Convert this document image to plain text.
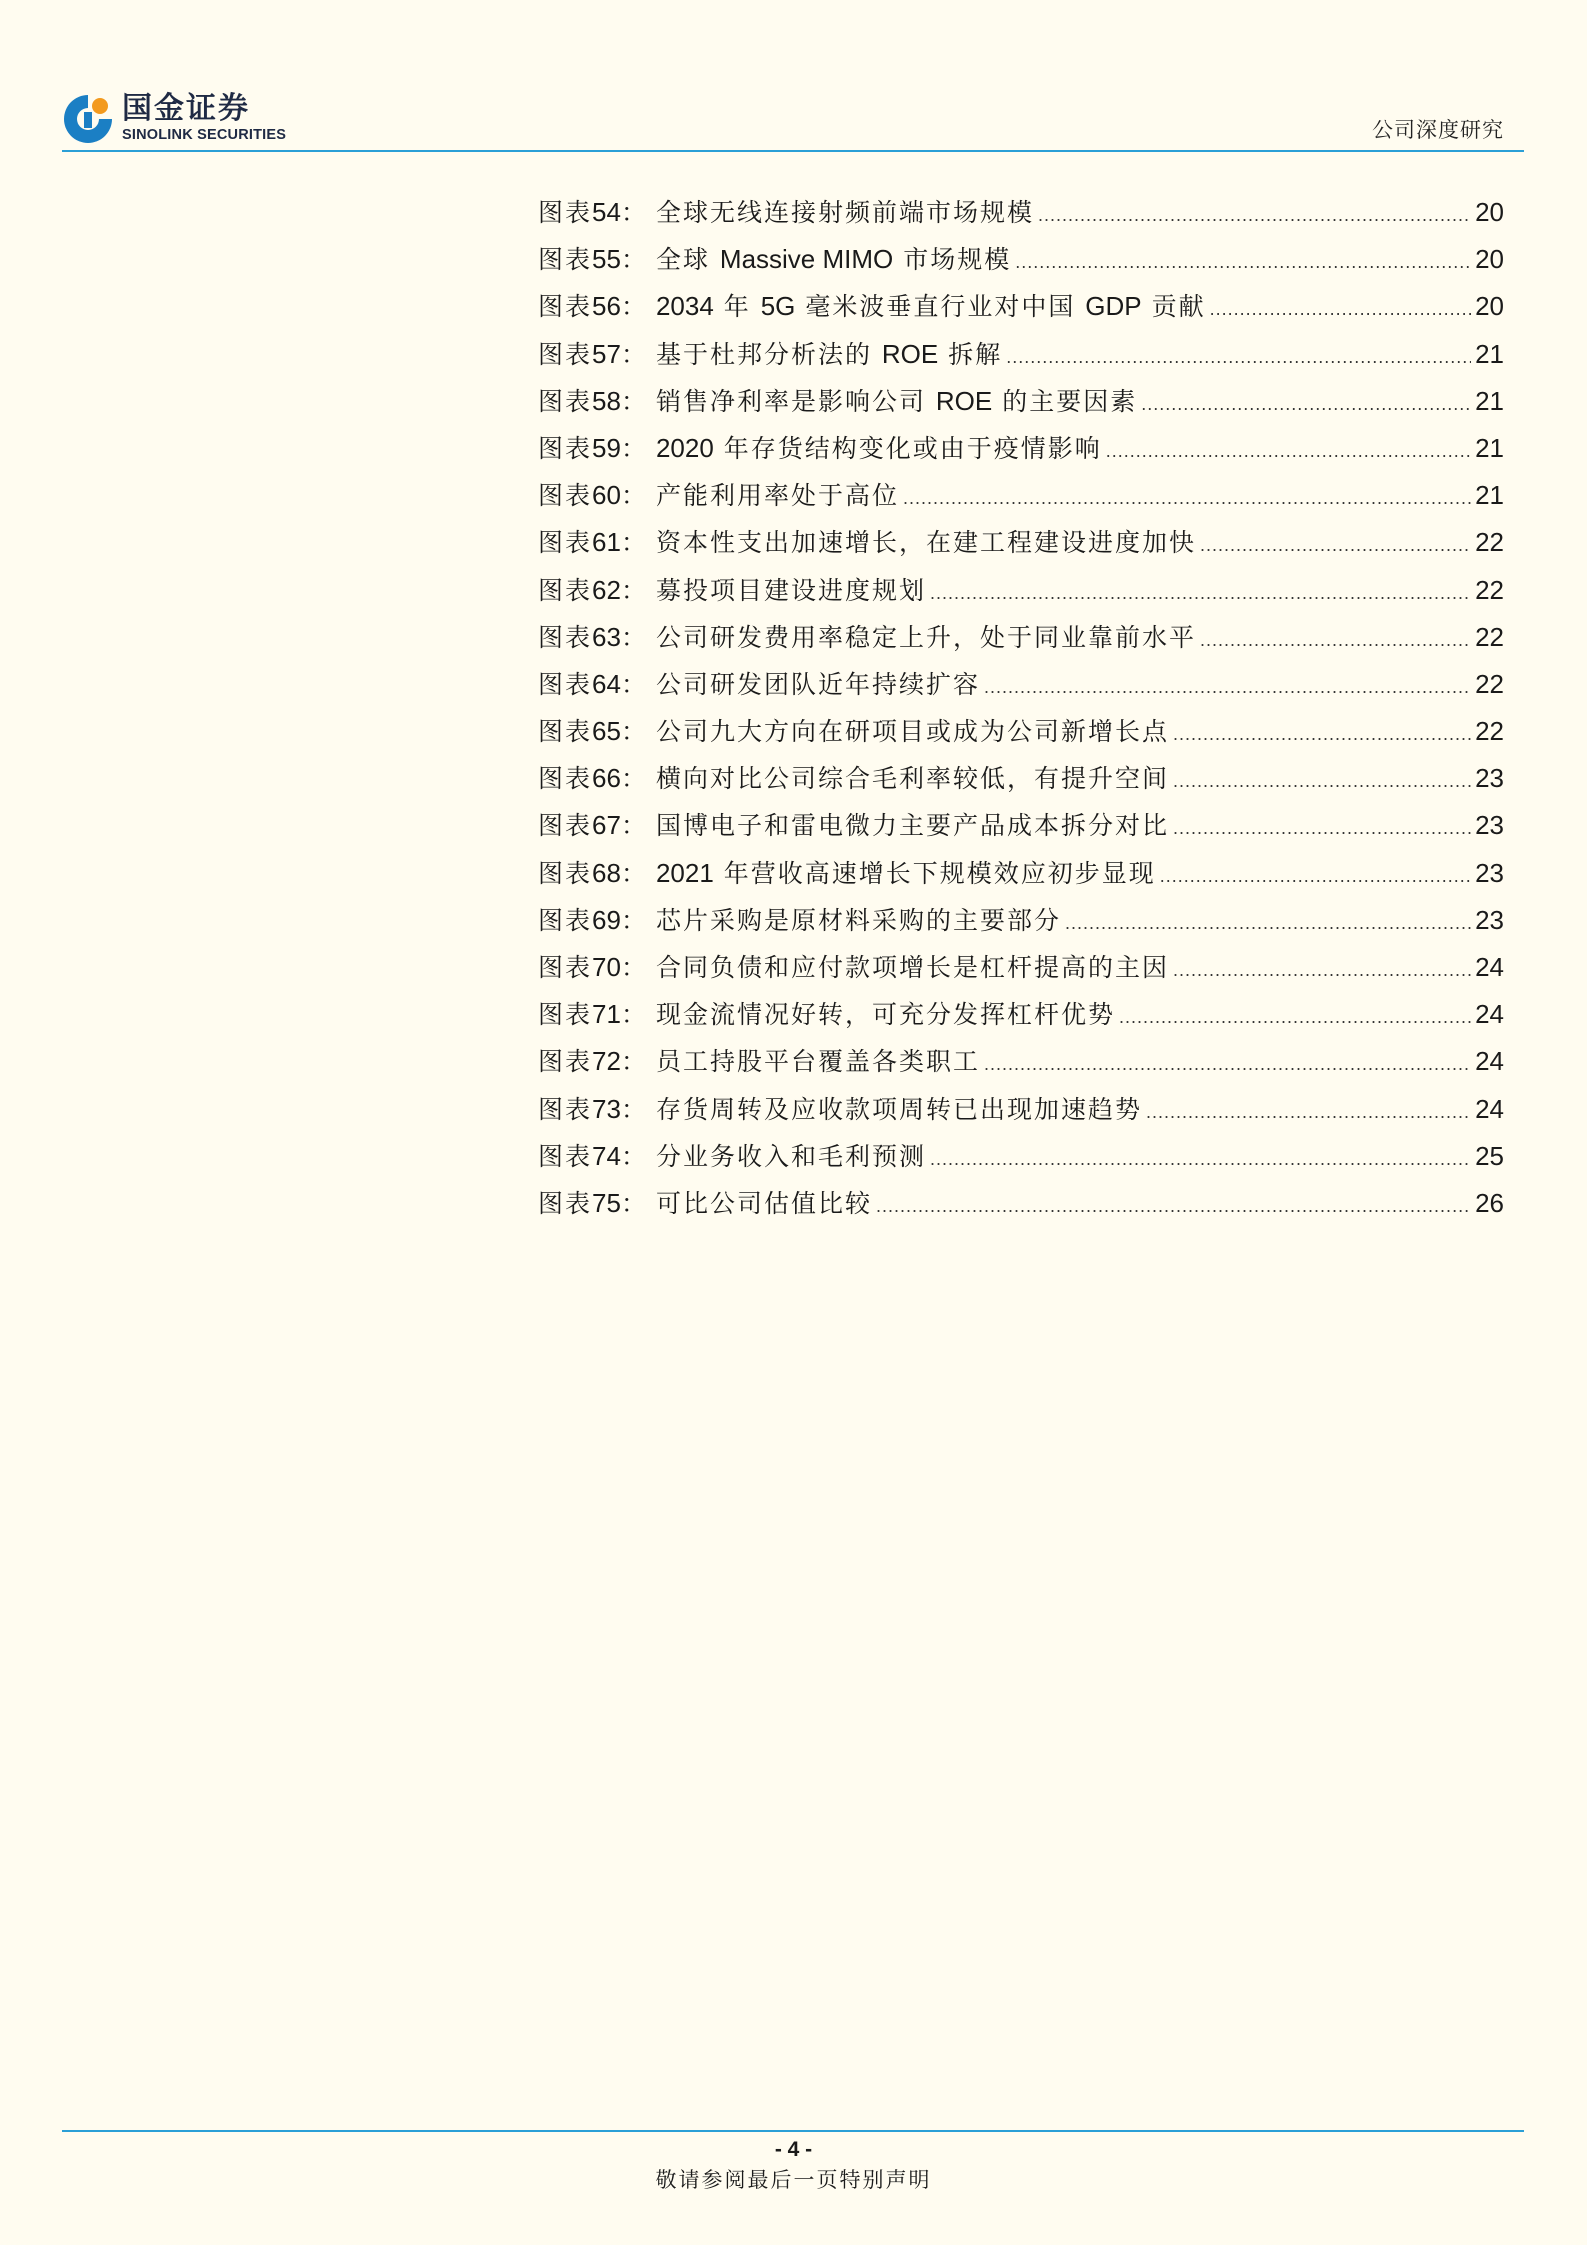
国金证券
SINOLINK SECURITIES	公司深度研究
图表 54 ： 全球无线连接射频前端市场规模 .....	20
图表 55 ： 全球 Massive MIMO 市场规模 .....	20
图表 56 ： 2034 年 5G 毫米波垂直行业对中国 GDP 贡献 .....	20
图表 57 ： 基于杜邦分析法的 ROE 拆解 .....	21
图表 58 ： 销售净利率是影响公司 ROE 的主要因素 .....	21
图表 59 ： 2020 年存货结构变化或由于疫情影响 .....	21
图表 60 ： 产能利用率处于高位 .....	21
图表 61 ： 资本性支出加速增长，在建工程建设进度加快 .....	22
图表 62 ： 募投项目建设进度规划 .....	22
图表 63 ： 公司研发费用率稳定上升，处于同业靠前水平 .....	22
图表 64 ： 公司研发团队近年持续扩容 .....	22
图表 65 ： 公司九大方向在研项目或成为公司新增长点 .....	22
图表 66 ： 横向对比公司综合毛利率较低，有提升空间 .....	23
图表 67 ： 国博电子和雷电微力主要产品成本拆分对比 .....	23
图表 68 ： 2021 年营收高速增长下规模效应初步显现 .....	23
图表 69 ： 芯片采购是原材料采购的主要部分 .....	23
图表 70 ： 合同负债和应付款项增长是杠杆提高的主因 .....	24
图表 71 ： 现金流情况好转，可充分发挥杠杆优势 .....	24
图表 72 ： 员工持股平台覆盖各类职工 .....	24
图表 73 ： 存货周转及应收款项周转已出现加速趋势 .....	24
图表 74 ： 分业务收入和毛利预测 .....	25
图表 75 ： 可比公司估值比较 .....	26
- 4 -
敬请参阅最后一页特别声明
